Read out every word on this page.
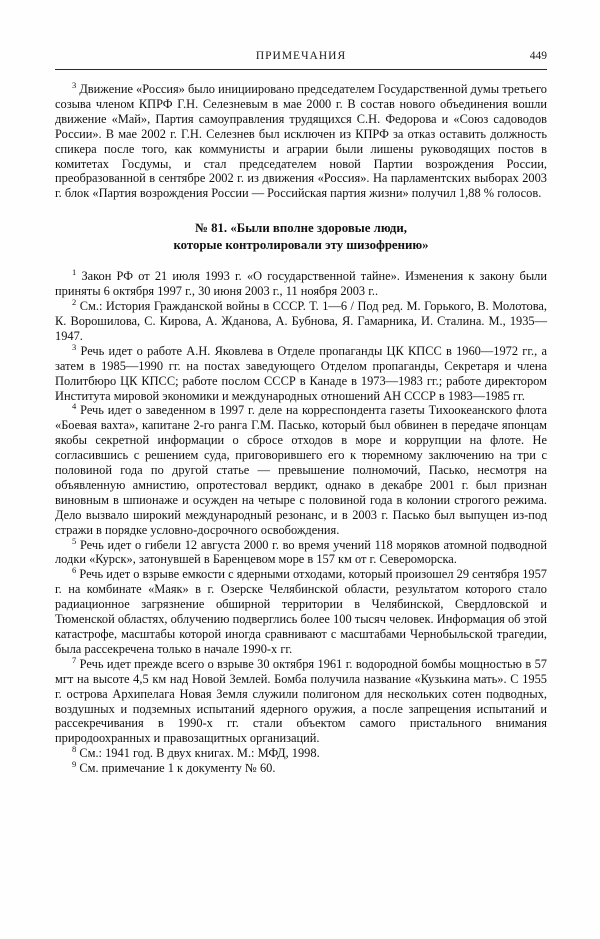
ПРИМЕЧАНИЯ	449

$^3$ Движение «Россия» было инициировано председателем Государственной думы третьего созыва членом КПРФ Г.Н. Селезневым в мае 2000 г. В состав нового объединения вошли движение «Май», Партия самоуправления трудящихся С.Н. Федорова и «Союз садоводов России». В мае 2002 г. Г.Н. Селезнев был исключен из КПРФ за отказ оставить должность спикера после того, как коммунисты и аграрии были лишены руководящих постов в комитетах Госдумы, и стал председателем новой Партии возрождения России, преобразованной в сентябре 2002 г. из движения «Россия». На парламентских выборах 2003 г. блок «Партия возрождения России — Российская партия жизни» получил 1,88 % голосов.

№ 81. «Были вполне здоровые люди,
которые контролировали эту шизофрению»

$^1$ Закон РФ от 21 июля 1993 г. «О государственной тайне». Изменения к закону были приняты 6 октября 1997 г., 30 июня 2003 г., 11 ноября 2003 г..

$^2$ См.: История Гражданской войны в СССР. Т. 1—6 / Под ред. М. Горького, В. Молотова, К. Ворошилова, С. Кирова, А. Жданова, А. Бубнова, Я. Гамарника, И. Сталина. М., 1935—1947.

$^3$ Речь идет о работе А.Н. Яковлева в Отделе пропаганды ЦК КПСС в 1960—1972 гг., а затем в 1985—1990 гг. на постах заведующего Отделом пропаганды, Секретаря и члена Политбюро ЦК КПСС; работе послом СССР в Канаде в 1973—1983 гг.; работе директором Института мировой экономики и международных отношений АН СССР в 1983—1985 гг.

$^4$ Речь идет о заведенном в 1997 г. деле на корреспондента газеты Тихоокеанского флота «Боевая вахта», капитане 2-го ранга Г.М. Пасько, который был обвинен в передаче японцам якобы секретной информации о сбросе отходов в море и коррупции на флоте. Не согласившись с решением суда, приговорившего его к тюремному заключению на три с половиной года по другой статье — превышение полномочий, Пасько, несмотря на объявленную амнистию, опротестовал вердикт, однако в декабре 2001 г. был признан виновным в шпионаже и осужден на четыре с половиной года в колонии строгого режима. Дело вызвало широкий международный резонанс, и в 2003 г. Пасько был выпущен из-под стражи в порядке условно-досрочного освобождения.

$^5$ Речь идет о гибели 12 августа 2000 г. во время учений 118 моряков атомной подводной лодки «Курск», затонувшей в Баренцевом море в 157 км от г. Североморска.

$^6$ Речь идет о взрыве емкости с ядерными отходами, который произошел 29 сентября 1957 г. на комбинате «Маяк» в г. Озерске Челябинской области, результатом которого стало радиационное загрязнение обширной территории в Челябинской, Свердловской и Тюменской областях, облучению подверглись более 100 тысяч человек. Информация об этой катастрофе, масштабы которой иногда сравнивают с масштабами Чернобыльской трагедии, была рассекречена только в начале 1990-х гг.

$^7$ Речь идет прежде всего о взрыве 30 октября 1961 г. водородной бомбы мощностью в 57 мгт на высоте 4,5 км над Новой Землей. Бомба получила название «Кузькина мать». С 1955 г. острова Архипелага Новая Земля служили полигоном для нескольких сотен подводных, воздушных и подземных испытаний ядерного оружия, а после запрещения испытаний и рассекречивания в 1990-х гг. стали объектом самого пристального внимания природоохранных и правозащитных организаций.

$^8$ См.: 1941 год. В двух книгах. М.: МФД, 1998.

$^9$ См. примечание 1 к документу № 60.
